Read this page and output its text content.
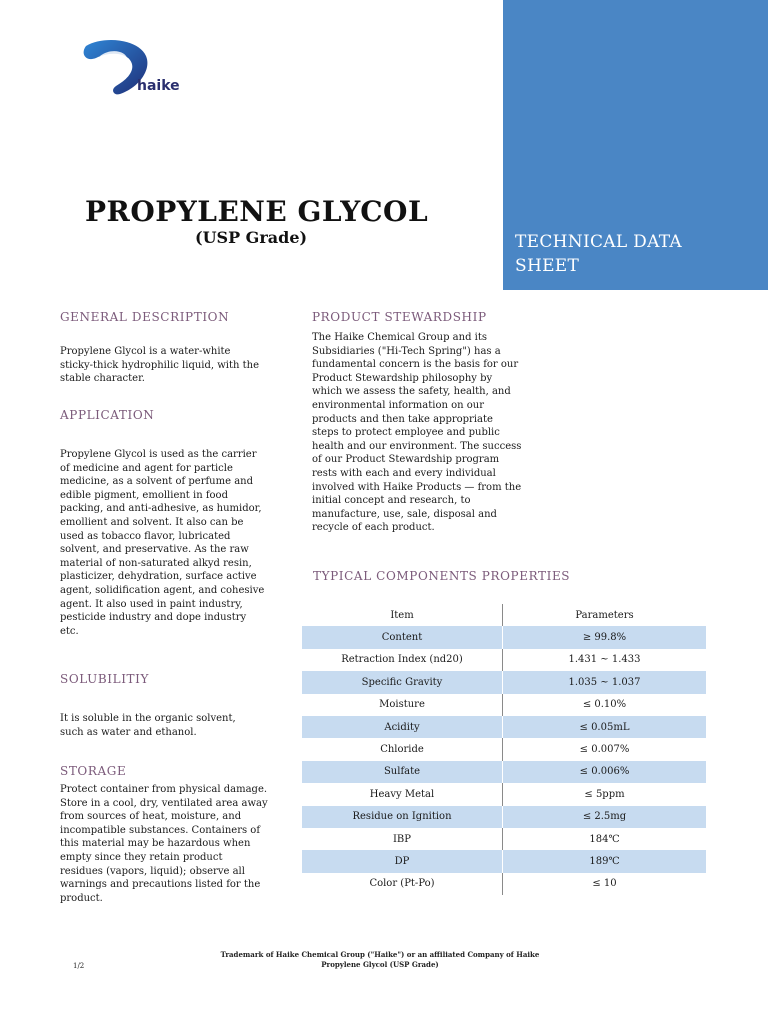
TECHNICAL DATA SHEET
haike
PROPYLENE GLYCOL
(USP Grade)
GENERAL DESCRIPTION
Propylene Glycol is a water-white sticky-thick hydrophilic liquid, with the stable character.
APPLICATION
Propylene Glycol is used as the carrier of medicine and agent for particle medicine, as a solvent of perfume and edible pigment, emollient in food packing, and anti-adhesive, as humidor, emollient and solvent. It also can be used as tobacco flavor, lubricated solvent, and preservative. As the raw material of non-saturated alkyd resin, plasticizer, dehydration, surface active agent, solidification agent, and cohesive agent. It also used in paint industry, pesticide industry and dope industry etc.
SOLUBILITIY
It is soluble in the organic solvent, such as water and ethanol.
STORAGE
Protect container from physical damage. Store in a cool, dry, ventilated area away from sources of heat, moisture, and incompatible substances. Containers of this material may be hazardous when empty since they retain product residues (vapors, liquid); observe all warnings and precautions listed for the product.
PRODUCT STEWARDSHIP
The Haike Chemical Group and its Subsidiaries ("Hi-Tech Spring") has a fundamental concern is the basis for our Product Stewardship philosophy by which we assess the safety, health, and environmental information on our products and then take appropriate steps to protect employee and public health and our environment. The success of our Product Stewardship program rests with each and every individual involved with Haike Products — from the initial concept and research, to manufacture, use, sale, disposal and recycle of each product.
TYPICAL COMPONENTS PROPERTIES
Item	Parameters
Content	≥ 99.8%
Retraction Index (nd20)	1.431 ~ 1.433
Specific Gravity	1.035 ~ 1.037
Moisture	≤ 0.10%
Acidity	≤ 0.05mL
Chloride	≤ 0.007%
Sulfate	≤ 0.006%
Heavy Metal	≤ 5ppm
Residue on Ignition	≤ 2.5mg
IBP	184℃
DP	189℃
Color (Pt-Po)	≤ 10
Trademark of Haike Chemical Group ("Haike") or an affiliated Company of Haike
Propylene Glycol (USP Grade)
1/2
